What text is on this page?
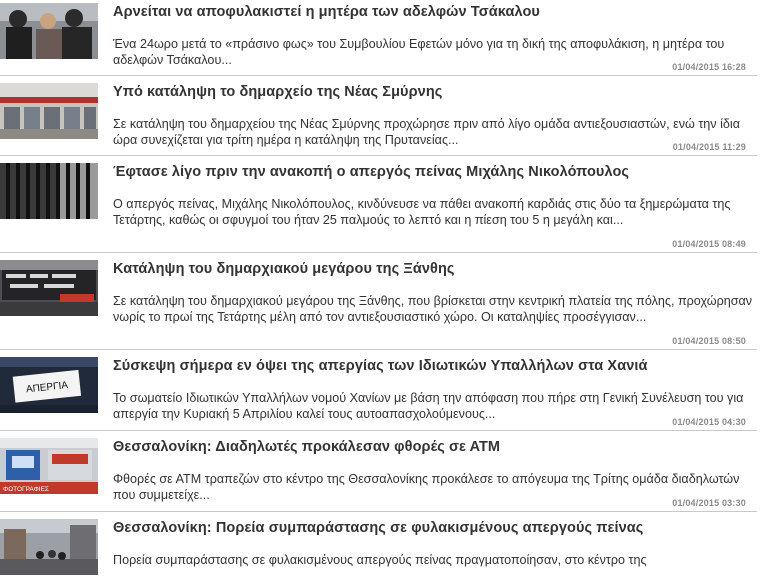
Αρνείται να αποφυλακιστεί η μητέρα των αδελφών Τσάκαλου

Ένα 24ωρο μετά το «πράσινο φως» του Συμβουλίου Εφετών μόνο για τη δική της αποφυλάκιση, η μητέρα του αδελφών Τσάκαλου...	01/04/2015 16:28
Υπό κατάληψη το δημαρχείο της Νέας Σμύρνης

Σε κατάληψη του δημαρχείου της Νέας Σμύρνης προχώρησε πριν από λίγο ομάδα αντιεξουσιαστών, ενώ την ίδια ώρα συνεχίζεται για τρίτη ημέρα η κατάληψη της Πρυτανείας...	01/04/2015 11:29
Έφτασε λίγο πριν την ανακοπή ο απεργός πείνας Μιχάλης Νικολόπουλος

Ο απεργός πείνας, Μιχάλης Νικολόπουλος, κινδύνευσε να πάθει ανακοπή καρδιάς στις δύο τα ξημερώματα της Τετάρτης, καθώς οι σφυγμοί του ήταν 25 παλμούς το λεπτό και η πίεση του 5 η μεγάλη και...

01/04/2015 08:49
Κατάληψη του δημαρχιακού μεγάρου της Ξάνθης

Σε κατάληψη του δημαρχιακού μεγάρου της Ξάνθης, που βρίσκεται στην κεντρική πλατεία της πόλης, προχώρησαν νωρίς το πρωί της Τετάρτης μέλη από τον αντιεξουσιαστικό χώρο. Οι καταληψίες προσέγγισαν...

01/04/2015 08:50
ΑΠΕΡΓΙΑ
Σύσκεψη σήμερα εν όψει της απεργίας των Ιδιωτικών Υπαλλήλων στα Χανιά

Το σωματείο Ιδιωτικών Υπαλλήλων νομού Χανίων με βάση την απόφαση που πήρε στη Γενική Συνέλευση του για απεργία την Κυριακή 5 Απριλίου καλεί τους αυτοαπασχολούμενους...

01/04/2015 04:30
ΦΩΤΟΓΡΑΦΙΕΣ
Θεσσαλονίκη: Διαδηλωτές προκάλεσαν φθορές σε ΑΤΜ

Φθορές σε ΑΤΜ τραπεζών στο κέντρο της Θεσσαλονίκης προκάλεσε το απόγευμα της Τρίτης ομάδα διαδηλωτών που συμμετείχε...

01/04/2015 03:30
Θεσσαλονίκη: Πορεία συμπαράστασης σε φυλακισμένους απεργούς πείνας

Πορεία συμπαράστασης σε φυλακισμένους απεργούς πείνας πραγματοποίησαν, στο κέντρο της
